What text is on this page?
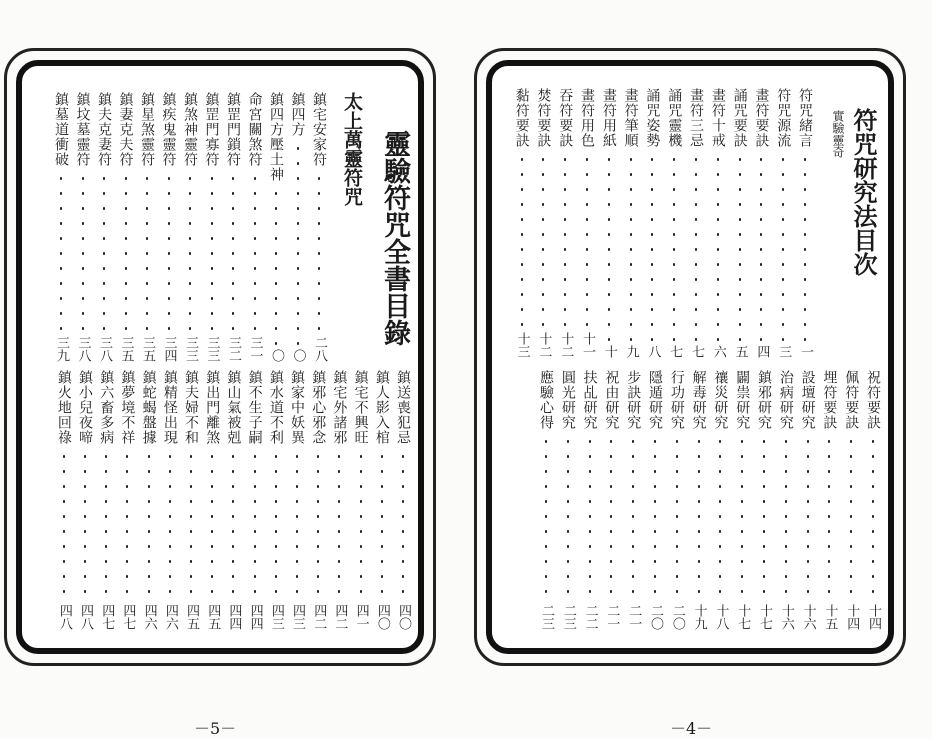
靈驗符咒全書目錄
太上萬靈符咒
鎮宅安家符
二八
鎮四方
〇
鎮四方壓土神
〇
命宮關煞符
三一
鎮罡門鎖符
三二
鎮罡門寡符
三三
鎮煞神靈符
三三
鎮疾鬼靈符
三四
鎮星煞靈符
三五
鎮妻克夫符
三五
鎮夫克妻符
三八
鎮坟墓靈符
三八
鎮墓道衝破
三九
鎮送喪犯忌
四〇
鎮人影入棺
四〇
鎮宅不興旺
四一
鎮宅外諸邪
四二
鎮邪心邪念
四二
鎮家中妖異
四三
鎮水道不利
四三
鎮不生子嗣
四四
鎮山氣被剋
四四
鎮出門離煞
四五
鎮夫婦不和
四五
鎮精怪出現
四六
鎮蛇蝎盤據
四六
鎮夢境不祥
四七
鎮六畜多病
四七
鎮小兒夜啼
四八
鎮火地回祿
四八
－5－
符咒研究法目次
實驗靈奇
符咒緒言
一
符咒源流
三
畫符要訣
四
誦咒要訣
五
畫符十戒
六
畫符三忌
七
誦咒靈機
七
誦咒姿勢
八
畫符筆順
九
畫符用紙
十
畫符用色
十一
吞符要訣
十二
焚符要訣
十二
黏符要訣
十三
祝符要訣
十四
佩符要訣
十四
埋符要訣
十五
設壇研究
十六
治病研究
十六
鎮邪研究
十七
闢祟研究
十七
禳災研究
十八
解毒研究
十九
行功研究
二〇
隱遁研究
二〇
步訣研究
二一
祝由研究
二一
扶乩研究
二二
圓光研究
二三
應驗心得
二三
－4－
